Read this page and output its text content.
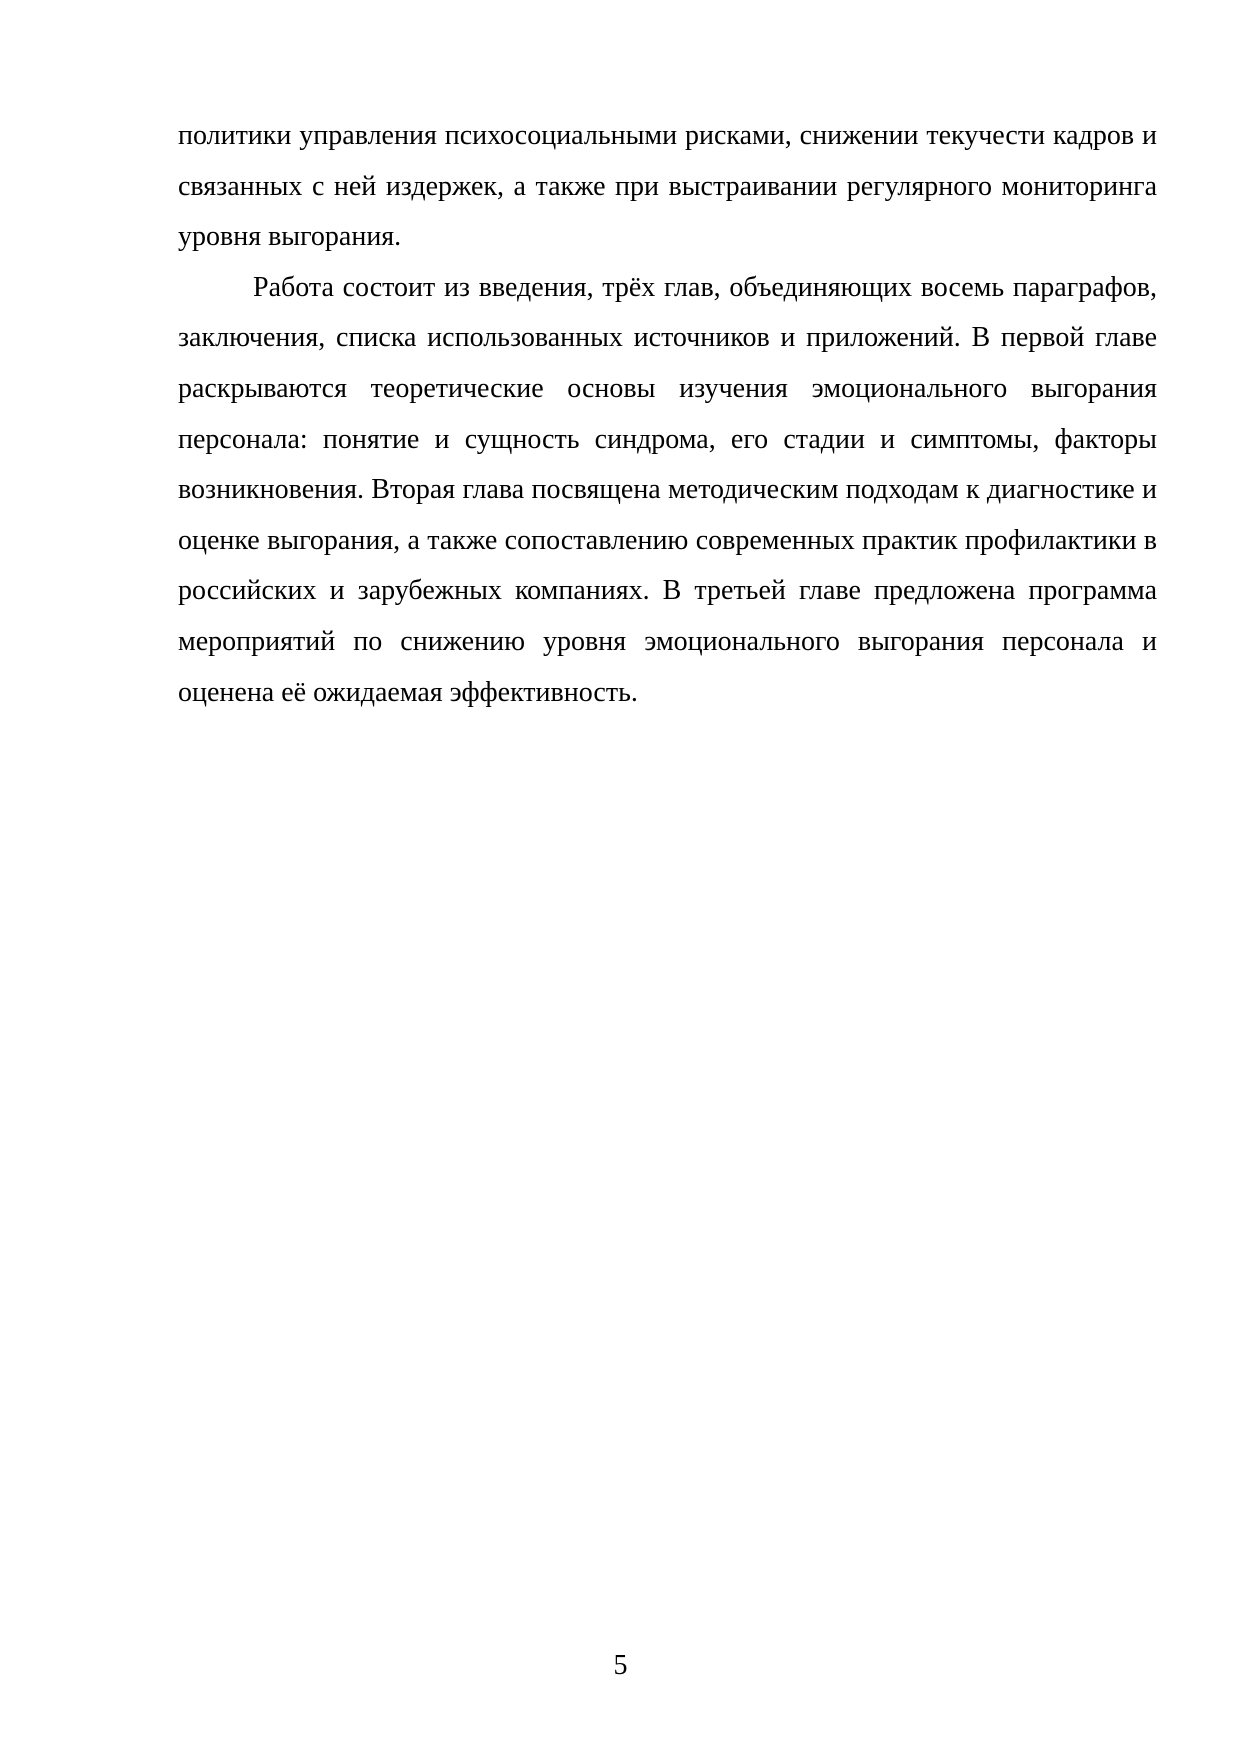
политики управления психосоциальными рисками, снижении текучести кадров и связанных с ней издержек, а также при выстраивании регулярного мониторинга уровня выгорания.

Работа состоит из введения, трёх глав, объединяющих восемь параграфов, заключения, списка использованных источников и приложений. В первой главе раскрываются теоретические основы изучения эмоционального выгорания персонала: понятие и сущность синдрома, его стадии и симптомы, факторы возникновения. Вторая глава посвящена методическим подходам к диагностике и оценке выгорания, а также сопоставлению современных практик профилактики в российских и зарубежных компаниях. В третьей главе предложена программа мероприятий по снижению уровня эмоционального выгорания персонала и оценена её ожидаемая эффективность.

5
